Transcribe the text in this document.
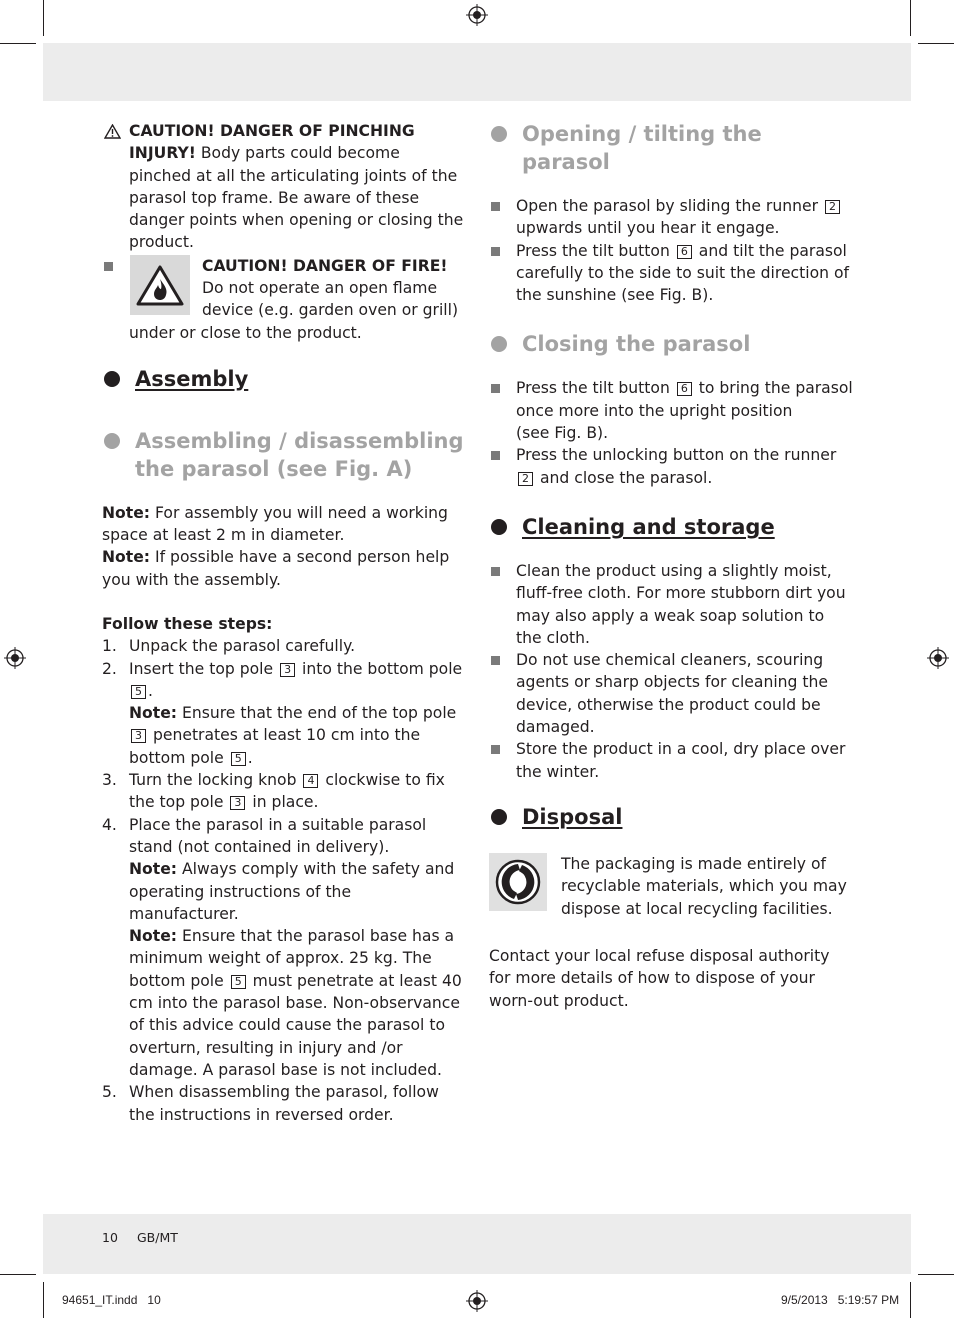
CAUTION! DANGER OF PINCHING INJURY! Body parts could become pinched at all the articulating joints of the parasol top frame. Be aware of these danger points when opening or closing the product.

CAUTION! DANGER OF FIRE!

Do not operate an open flame

device (e.g. garden oven or grill)

under or close to the product.

Assembly
Assembling / disassembling
the parasol (see Fig. A)

Note: For assembly you will need a working space at least 2 m in diameter.

Note: If possible have a second person help you with the assembly.

Follow these steps:

1. Unpack the parasol carefully.
2. Insert the top pole 3 into the bottom pole 5 .
Note: Ensure that the end of the top pole 3 penetrates at least 10 cm into the bottom pole 5 .
3. Turn the locking knob 4 clockwise to fix the top pole 3 in place.
4. Place the parasol in a suitable parasol stand (not contained in delivery).
Note: Always comply with the safety and operating instructions of the manufacturer.
Note: Ensure that the parasol base has a minimum weight of approx. 25 kg. The bottom pole 5 must penetrate at least 40 cm into the parasol base. Non-observance of this advice could cause the parasol to overturn, resulting in injury and /or damage. A parasol base is not included.
5. When disassembling the parasol, follow the instructions in reversed order.
Opening / tilting the parasol
Open the parasol by sliding the runner 2 upwards until you hear it engage.
Press the tilt button 6 and tilt the parasol carefully to the side to suit the direction of the sunshine (see Fig. B).
Closing the parasol
Press the tilt button 6 to bring the parasol once more into the upright position
(see Fig. B).
Press the unlocking button on the runner 2 and close the parasol.
Cleaning and storage
Clean the product using a slightly moist, fluff-free cloth. For more stubborn dirt you may also apply a weak soap solution to the cloth.
Do not use chemical cleaners, scouring agents or sharp objects for cleaning the device, otherwise the product could be damaged.
Store the product in a cool, dry place over the winter.
Disposal

The packaging is made entirely of recyclable materials, which you may dispose at local recycling facilities.

Contact your local refuse disposal authority for more details of how to dispose of your worn-out product.

10 GB/MT
94651_IT.indd   10	9/5/2013   5:19:57 PM
